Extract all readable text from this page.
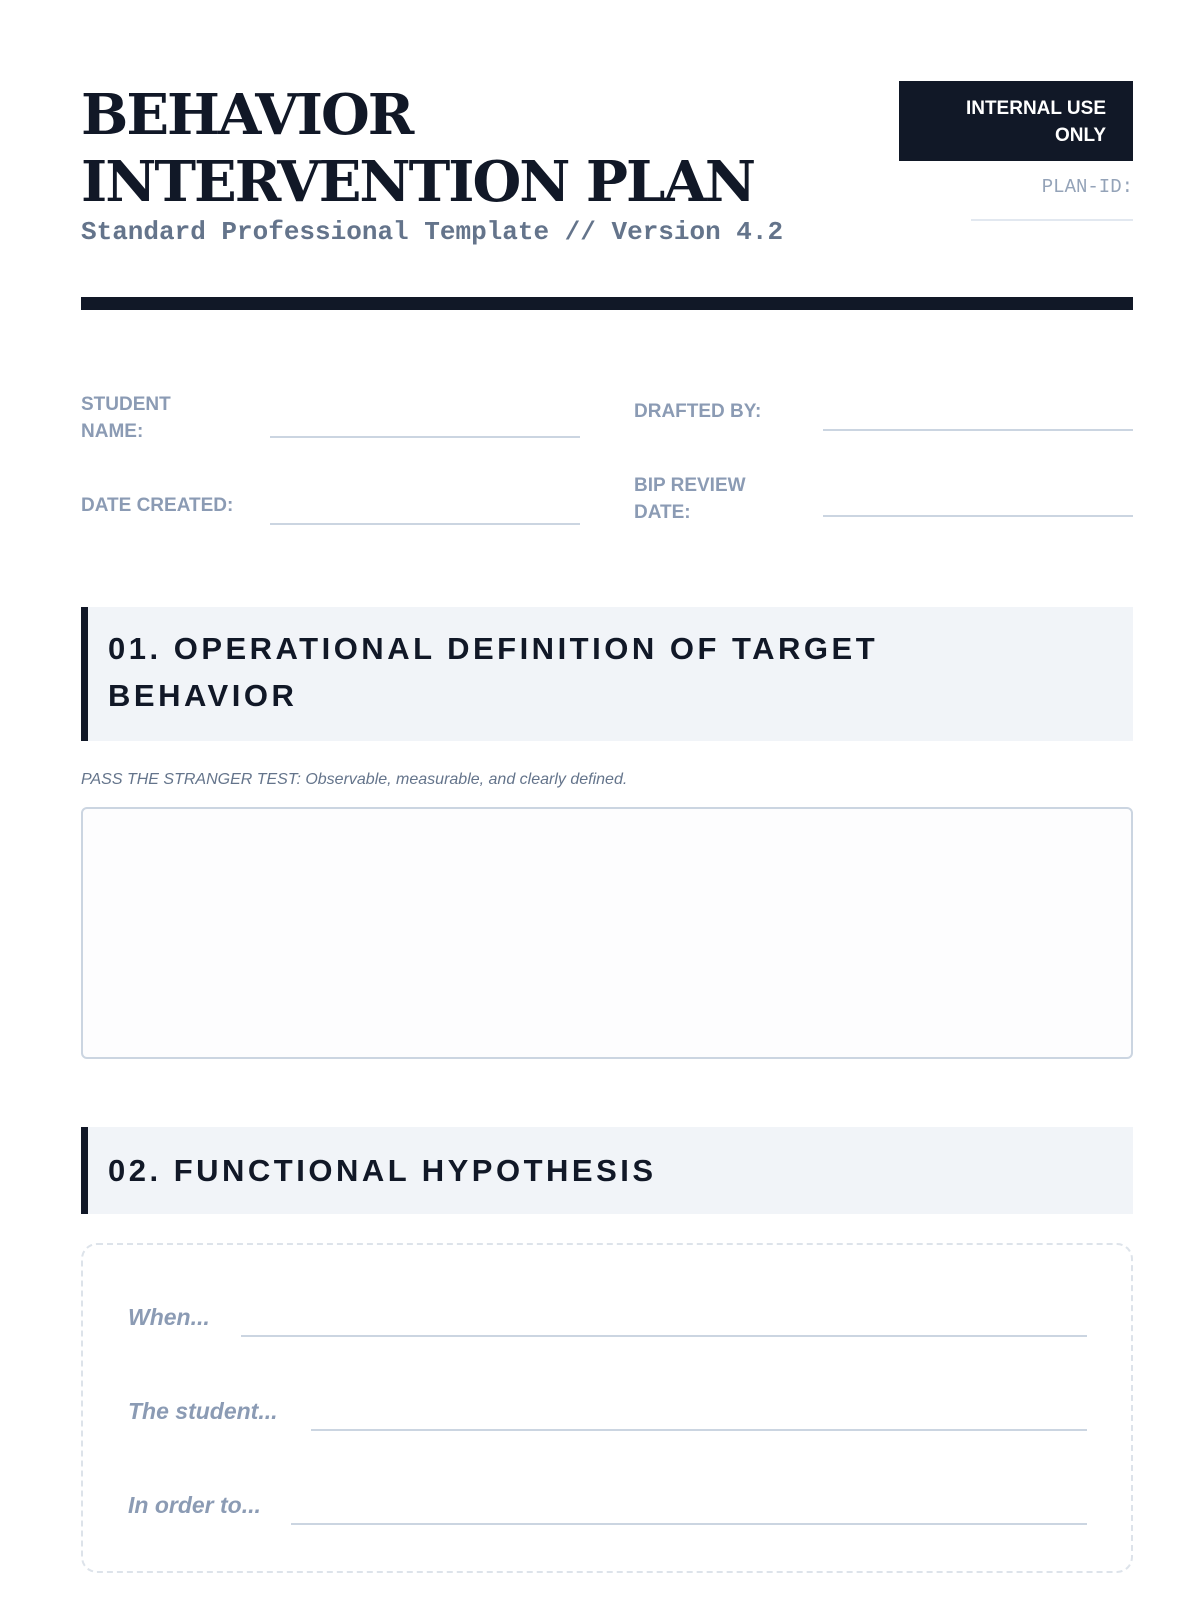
BEHAVIOR INTERVENTION PLAN

Standard Professional Template // Version 4.2

INTERNAL USE ONLY
PLAN-ID:
STUDENT NAME:
DRAFTED BY:
DATE CREATED:
BIP REVIEW DATE:
01. OPERATIONAL DEFINITION OF TARGET BEHAVIOR

PASS THE STRANGER TEST: Observable, measurable, and clearly defined.

02. FUNCTIONAL HYPOTHESIS
When...
The student...
In order to...
